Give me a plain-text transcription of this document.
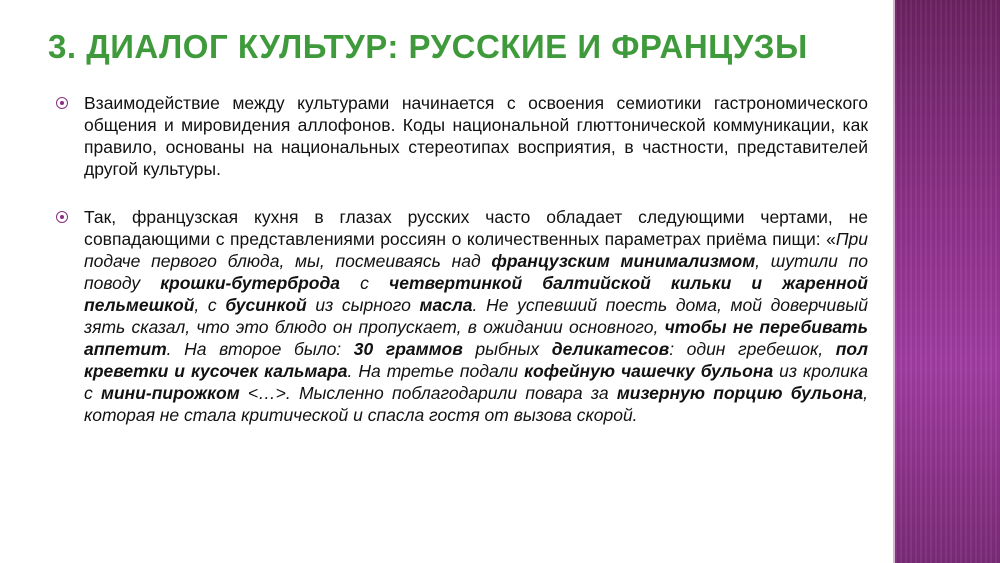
3. ДИАЛОГ КУЛЬТУР: РУССКИЕ И ФРАНЦУЗЫ
Взаимодействие между культурами начинается с освоения семиотики гастрономического общения и мировидения аллофонов. Коды национальной глюттонической коммуникации, как правило, основаны на национальных стереотипах восприятия, в частности, представителей другой культуры.
Так, французская кухня в глазах русских часто обладает следующими чертами, не совпадающими с представлениями россиян о количественных параметрах приёма пищи: «При подаче первого блюда, мы, посмеиваясь над французским минимализмом, шутили по поводу крошки-бутерброда с четвертинкой балтийской кильки и жаренной пельмешкой, с бусинкой из сырного масла. Не успевший поесть дома, мой доверчивый зять сказал, что это блюдо он пропускает, в ожидании основного, чтобы не перебивать аппетит. На второе было: 30 граммов рыбных деликатесов: один гребешок, пол креветки и кусочек кальмара. На третье подали кофейную чашечку бульона из кролика с мини-пирожком <…>. Мысленно поблагодарили повара за мизерную порцию бульона, которая не стала критической и спасла гостя от вызова скорой.
